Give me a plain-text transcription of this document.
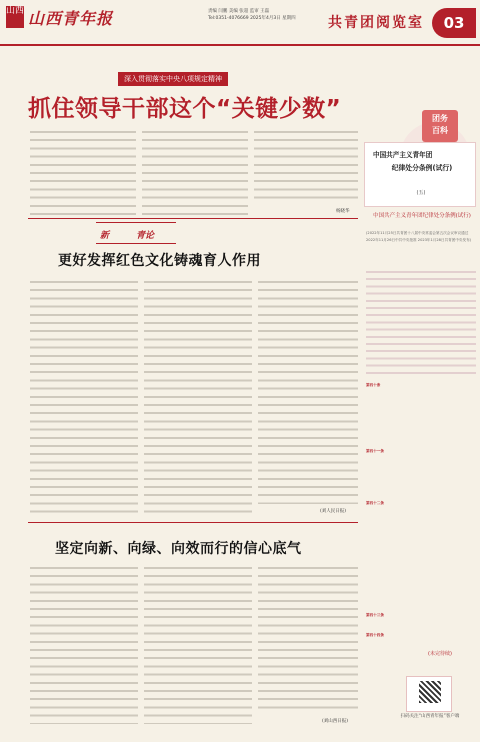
山西 山西青年报	责编 闫鹏 美编 张超 监审 王磊
Tel:0351-4076669 2025年4月3日 星期四	共青团阅览室	03
深入贯彻落实中央八项规定精神
抓住领导干部这个“关键少数”
杨晓华
新	青论
更好发挥红色文化铸魂育人作用
(刘人民日报)
坚定向新、向绿、向效而行的信心底气
(刘山西日报)
团务
百科
中国共产主义青年团
纪律处分条例(试行)
(五)
中国共产主义青年团纪律处分条例(试行)
(2022年11月25日共青团十八届中央常委会第五次会议审议通过 2022年11月26日中共中央批准 2023年1月28日共青团中央发布)
第四十条
第四十一条
第四十二条
第四十三条
第四十四条
(未完待续)
扫码关注“山西青年报”客户端
